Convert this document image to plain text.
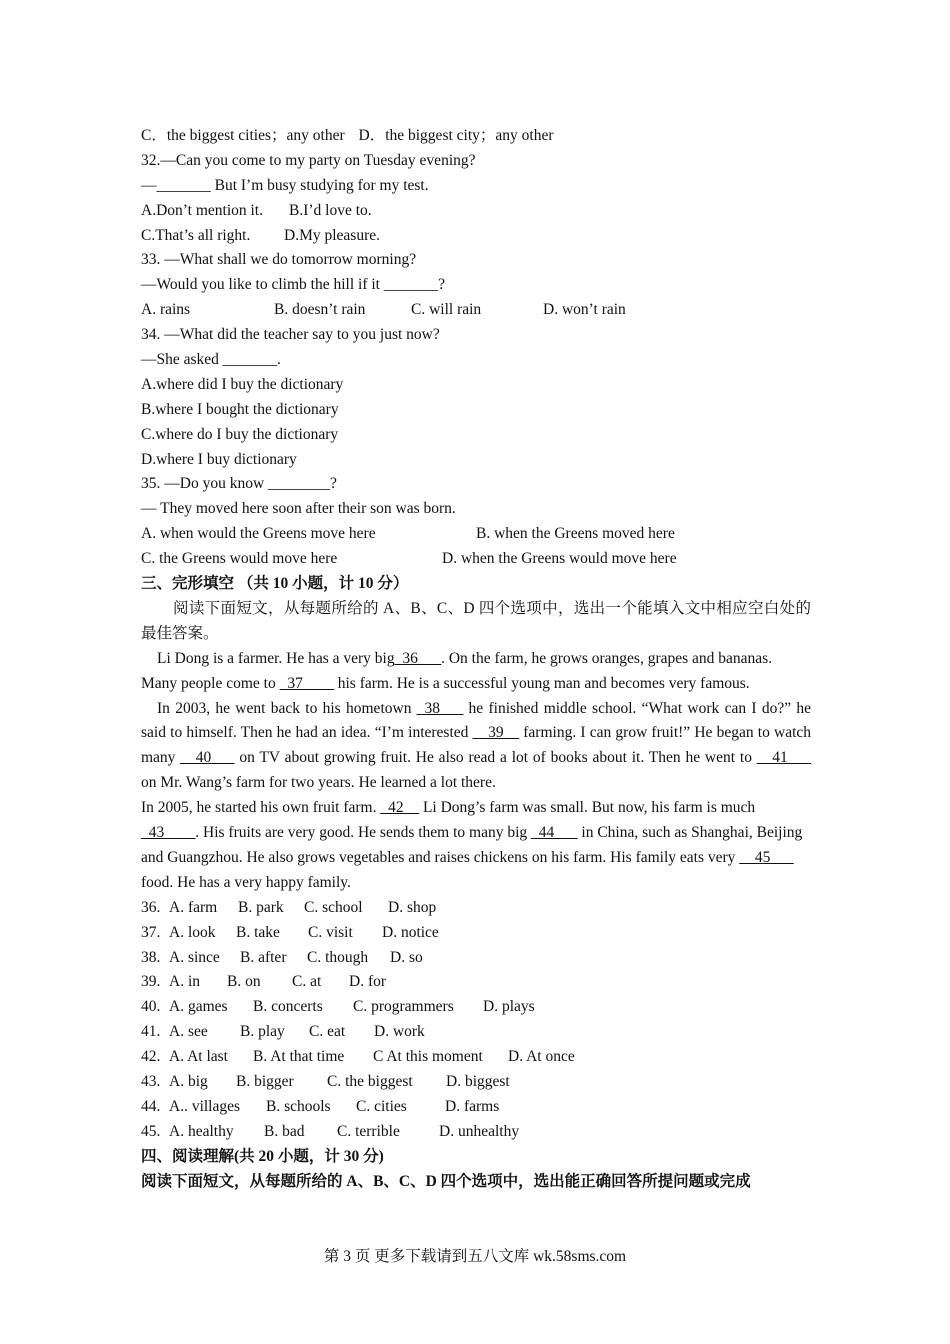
C．the biggest cities；any other D．the biggest city；any other
32.—Can you come to my party on Tuesday evening?
—_______ But I’m busy studying for my test.
A.Don’t mention it. B.I’d love to.
C.That’s all right. D.My pleasure.
33. —What shall we do tomorrow morning?
—Would you like to climb the hill if it _______?
A. rains	B. doesn’t rain	C. will rain	D. won’t rain
34. —What did the teacher say to you just now?
—She asked _______.
A.where did I buy the dictionary
B.where I bought the dictionary
C.where do I buy the dictionary
D.where I buy dictionary
35. —Do you know ________?
— They moved here soon after their son was born.
A. when would the Greens move here	B. when the Greens moved here
C. the Greens would move here	D. when the Greens would move here
三、完形填空 （共 10 小题，计 10 分）
阅读下面短文，从每题所给的 A、B、C、D 四个选项中，选出一个能填入文中相应空白处的最佳答案。
Li Dong is a farmer. He has a very big_36___. On the farm, he grows oranges, grapes and bananas. Many people come to _37____ his farm. He is a successful young man and becomes very famous.
In 2003, he went back to his hometown _38___ he finished middle school. “What work can I do?” he said to himself. Then he had an idea. “I’m interested __39__ farming. I can grow fruit!” He began to watch many __40___ on TV about growing fruit. He also read a lot of books about it. Then he went to __41___ on Mr. Wang’s farm for two years. He learned a lot there.
In 2005, he started his own fruit farm. _42__ Li Dong’s farm was small. But now, his farm is much _43____. His fruits are very good. He sends them to many big _44___ in China, such as Shanghai, Beijing and Guangzhou. He also grows vegetables and raises chickens on his farm. His family eats very __45___ food. He has a very happy family.
36. A. farm B. park C. school D. shop
37. A. look B. take C. visit D. notice
38. A. since B. after C. though D. so
39. A. in B. on C. at D. for
40. A. games B. concerts C. programmers D. plays
41. A. see B. play C. eat D. work
42. A. At last B. At that time C At this moment D. At once
43. A. big B. bigger C. the biggest D. biggest
44. A.. villages B. schools C. cities D. farms
45. A. healthy B. bad C. terrible	D. unhealthy
四、阅读理解(共 20 小题，计 30 分)
阅读下面短文，从每题所给的 A、B、C、D 四个选项中，选出能正确回答所提问题或完成
第 3 页 更多下载请到五八文库 wk.58sms.com
